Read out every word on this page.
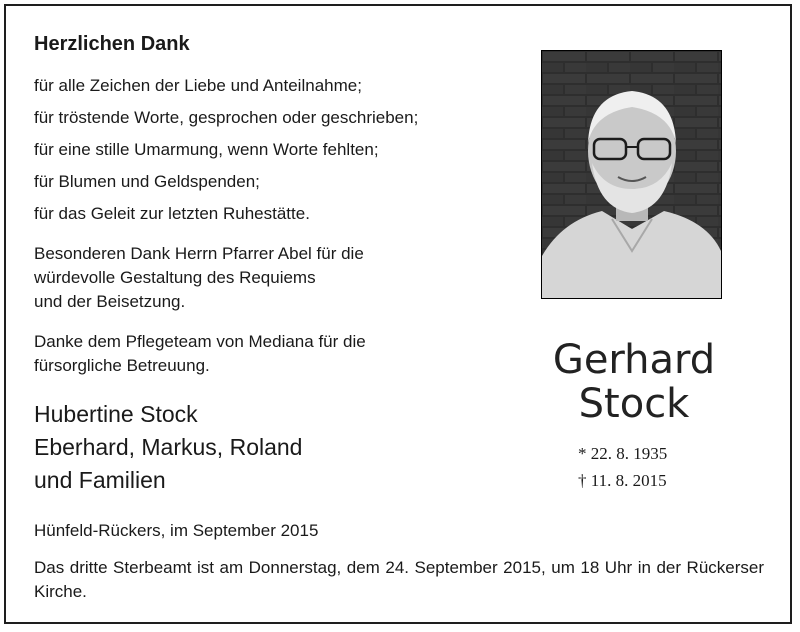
Herzlichen Dank
für alle Zeichen der Liebe und Anteilnahme;
für tröstende Worte, gesprochen oder geschrieben;
für eine stille Umarmung, wenn Worte fehlten;
für Blumen und Geldspenden;
für das Geleit zur letzten Ruhestätte.
Besonderen Dank Herrn Pfarrer Abel für die
würdevolle Gestaltung des Requiems
und der Beisetzung.
Danke dem Pflegeteam von Mediana für die
fürsorgliche Betreuung.
Hubertine Stock
Eberhard, Markus, Roland
und Familien
Hünfeld-Rückers, im September 2015
Das dritte Sterbeamt ist am Donnerstag, dem 24. September 2015, um 18 Uhr in der Rückerser Kirche.
Gerhard
Stock
* 22. 8. 1935
† 11. 8. 2015
